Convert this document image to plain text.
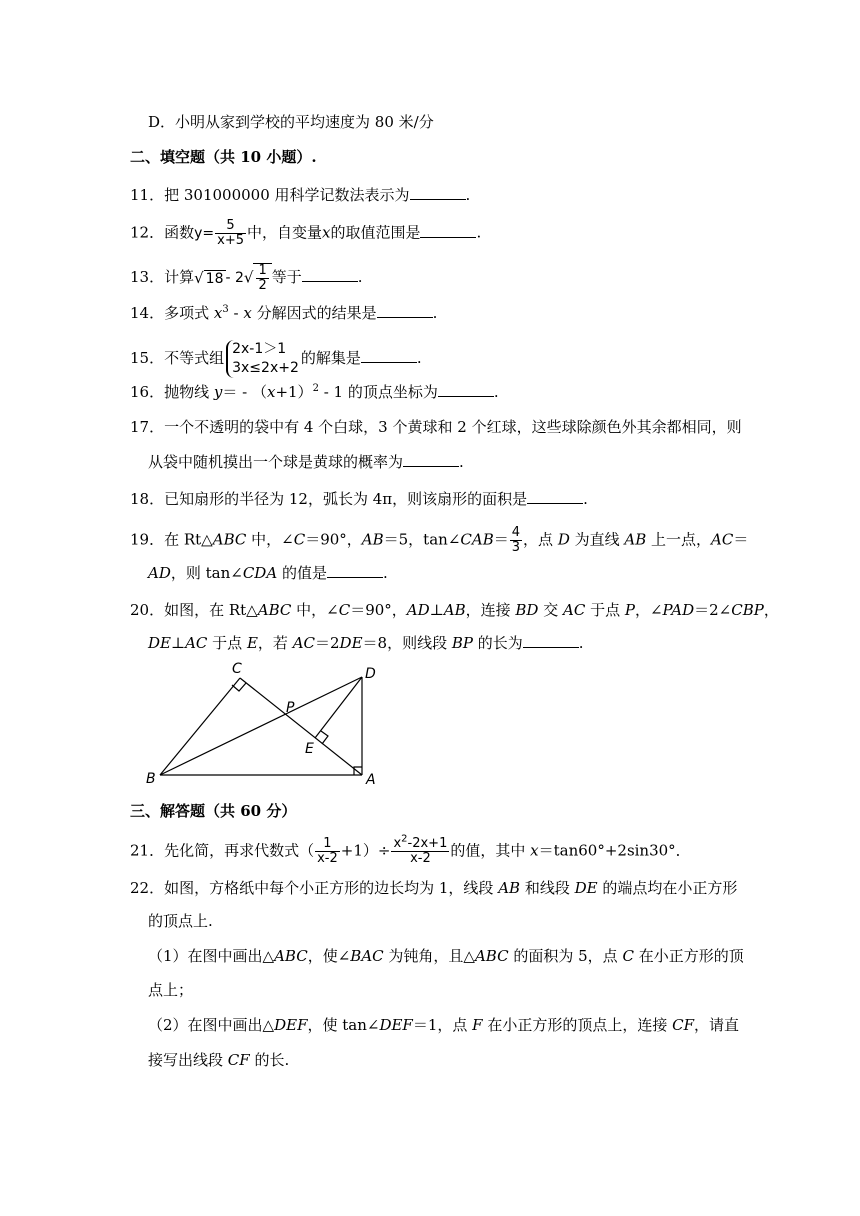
D．小明从家到学校的平均速度为 80 米/分
二、填空题（共 10 小题）.
11．把 301000000 用科学记数法表示为	.
12．函数$y= \frac{5}{x+5}$ 中，自变量x的取值范围是	.
13．计算√ $18 - 2√ \frac{1}{2}$ 等于	.
14．多项式 $x^3$ - x 分解因式的结果是	.
15．不等式组 2x-1＞1
3x≤2x+2
的解集是	.
16．抛物线 $y= - (x+1)^2 - 1$ 的顶点坐标为	.
17．一个不透明的袋中有 4 个白球，3 个黄球和 2 个红球，这些球除颜色外其余都相同，则
从袋中随机摸出一个球是黄球的概率为	.
18．已知扇形的半径为 12，弧长为 4π，则该扇形的面积是	.
19．在 Rt△ABC 中，∠C＝90°，AB＝5，tan∠CAB＝ $\frac{4}{3}$ ，点 D 为直线 AB 上一点，AC＝
AD，则 tan∠CDA 的值是	.
20．如图，在 Rt△ABC 中，∠C＝90°，AD⊥AB，连接 BD 交 AC 于点 P，∠PAD＝2∠CBP，
DE⊥AC 于点 E，若 AC＝2DE＝8，则线段 BP 的长为	.
B
C	D
A
P
E
三、解答题（共 60 分）
21．先化简，再求代数式（ $\frac{1}{x-2} +1)\div \frac{x^2-2x+1}{x-2}$ 的值，其中 x＝tan60°+2sin30°．
22．如图，方格纸中每个小正方形的边长均为 1，线段 AB 和线段 DE 的端点均在小正方形
的顶点上.
（1）在图中画出△ABC，使∠BAC 为钝角，且△ABC 的面积为 5，点 C 在小正方形的顶
点上；
（2）在图中画出△DEF，使 tan∠DEF＝1，点 F 在小正方形的顶点上，连接 CF，请直
接写出线段 CF 的长.
